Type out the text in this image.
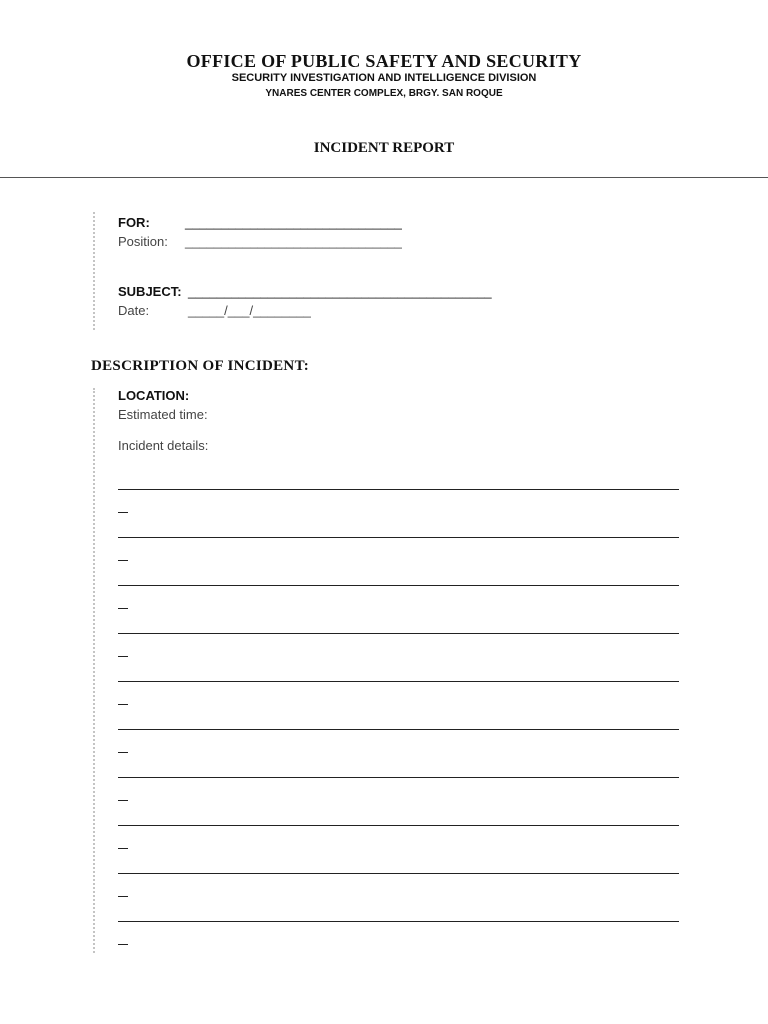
OFFICE OF PUBLIC SAFETY AND SECURITY
SECURITY INVESTIGATION AND INTELLIGENCE DIVISION
YNARES CENTER COMPLEX, BRGY. SAN ROQUE
INCIDENT REPORT
FOR:	______________________________
Position: ______________________________
SUBJECT: __________________________________________
Date:	_____/___/________
DESCRIPTION OF INCIDENT:
LOCATION:
Estimated time:
Incident details:
